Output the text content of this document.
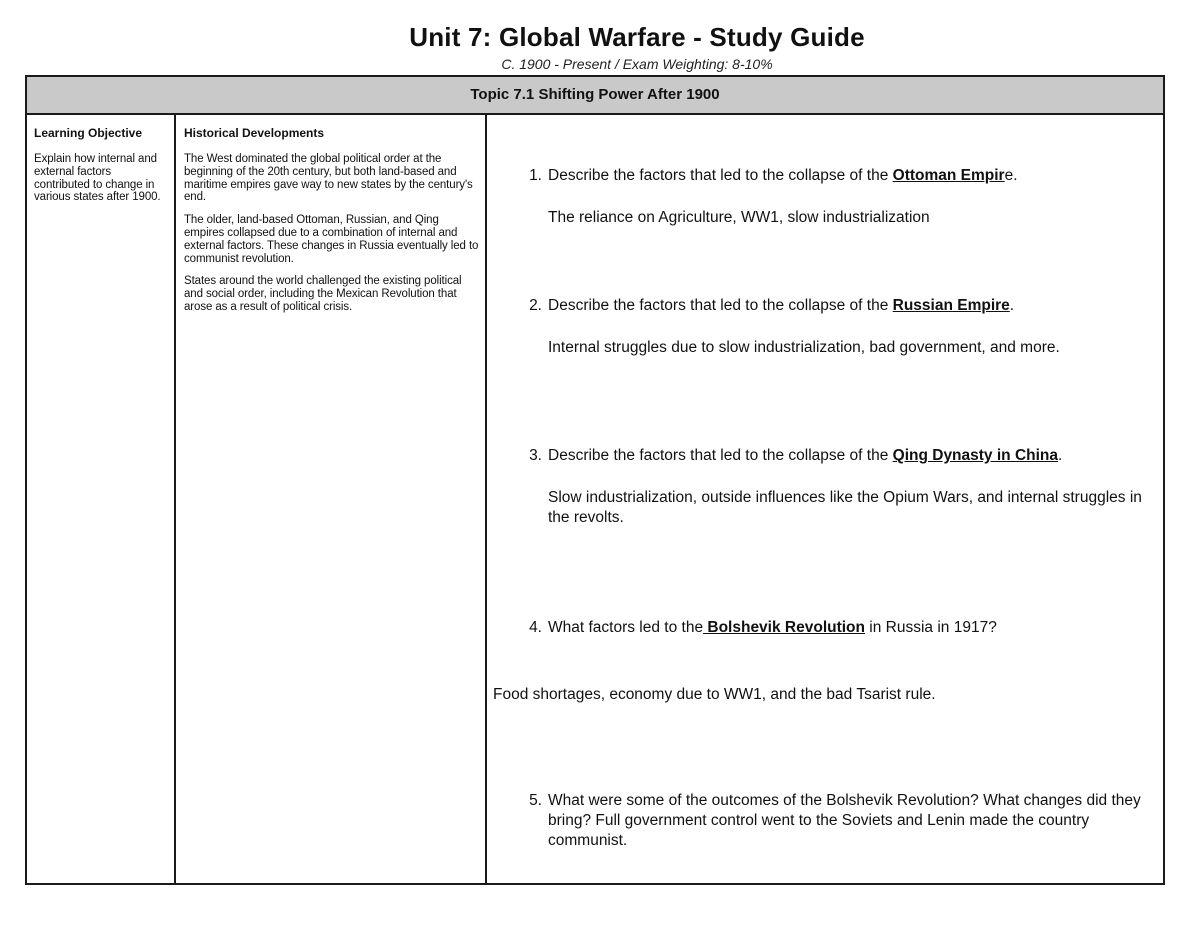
Unit 7: Global Warfare - Study Guide
C. 1900 - Present / Exam Weighting: 8-10%
Topic 7.1 Shifting Power After 1900
Learning Objective
Explain how internal and external factors contributed to change in various states after 1900.
Historical Developments
The West dominated the global political order at the beginning of the 20th century, but both land-based and maritime empires gave way to new states by the century's end.
The older, land-based Ottoman, Russian, and Qing empires collapsed due to a combination of internal and external factors. These changes in Russia eventually led to communist revolution.
States around the world challenged the existing political and social order, including the Mexican Revolution that arose as a result of political crisis.
1. Describe the factors that led to the collapse of the Ottoman Empire.
The reliance on Agriculture, WW1, slow industrialization
2. Describe the factors that led to the collapse of the Russian Empire.
Internal struggles due to slow industrialization, bad government, and more.
3. Describe the factors that led to the collapse of the Qing Dynasty in China.
Slow industrialization, outside influences like the Opium Wars, and internal struggles in the revolts.
4. What factors led to the Bolshevik Revolution in Russia in 1917?
Food shortages, economy due to WW1, and the bad Tsarist rule.
5. What were some of the outcomes of the Bolshevik Revolution? What changes did they bring? Full government control went to the Soviets and Lenin made the country communist.
